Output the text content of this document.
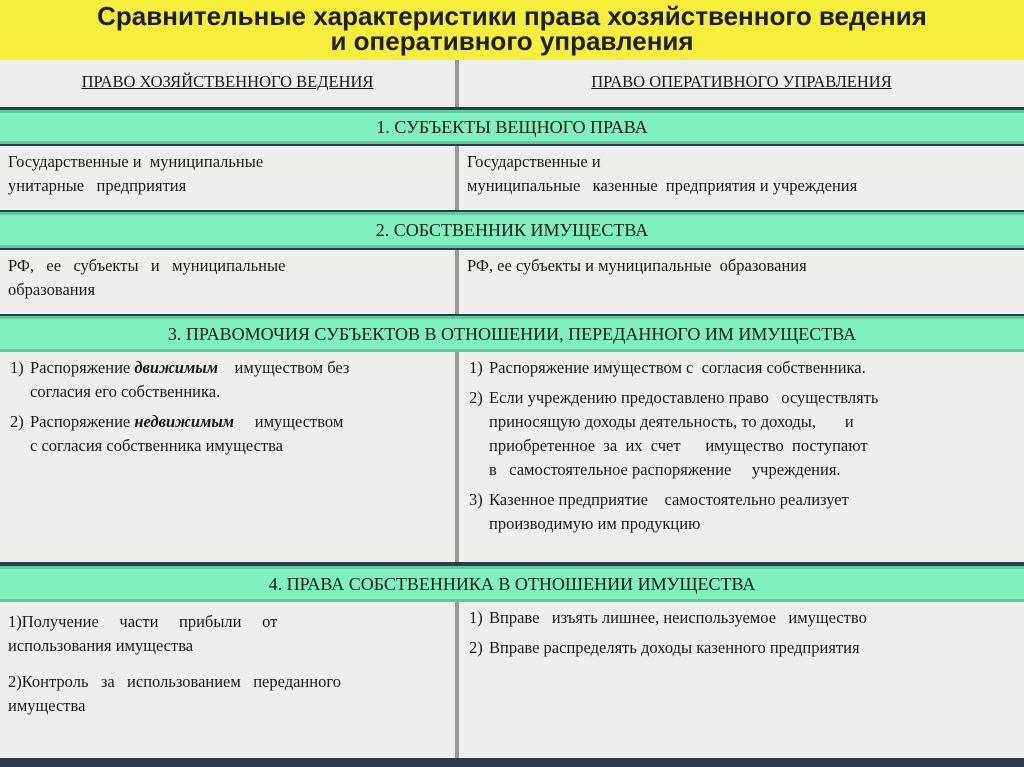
Сравнительные характеристики права хозяйственного ведения
и оперативного управления
ПРАВО ХОЗЯЙСТВЕННОГО ВЕДЕНИЯ	ПРАВО ОПЕРАТИВНОГО УПРАВЛЕНИЯ
1. СУБЪЕКТЫ ВЕЩНОГО ПРАВА
Государственные и  муниципальные
унитарные   предприятия
Государственные и
муниципальные   казенные  предприятия и учреждения
2. СОБСТВЕННИК ИМУЩЕСТВА
РФ,   ее   субъекты   и   муниципальные
образования
РФ, ее субъекты и муниципальные  образования
3. ПРАВОМОЧИЯ СУБЪЕКТОВ В ОТНОШЕНИИ, ПЕРЕДАННОГО ИМ ИМУЩЕСТВА
1) Распоряжение движимым    имуществом без
согласия его собственника.
2) Распоряжение недвижимым     имуществом
с согласия собственника имущества
1) Распоряжение имуществом с  согласия собственника.
2) Если учреждению предоставлено право   осуществлять
приносящую доходы деятельность, то доходы,       и
приобретенное  за  их  счет      имущество  поступают
в   самостоятельное распоряжение     учреждения.
3) Казенное предприятие    самостоятельно реализует
производимую им продукцию
4. ПРАВА СОБСТВЕННИКА В ОТНОШЕНИИ ИМУЩЕСТВА
1)Получение     части     прибыли     от
использования имущества
2)Контроль   за   использованием   переданного
имущества
1) Вправе   изъять лишнее, неиспользуемое   имущество
2) Вправе распределять доходы казенного предприятия
